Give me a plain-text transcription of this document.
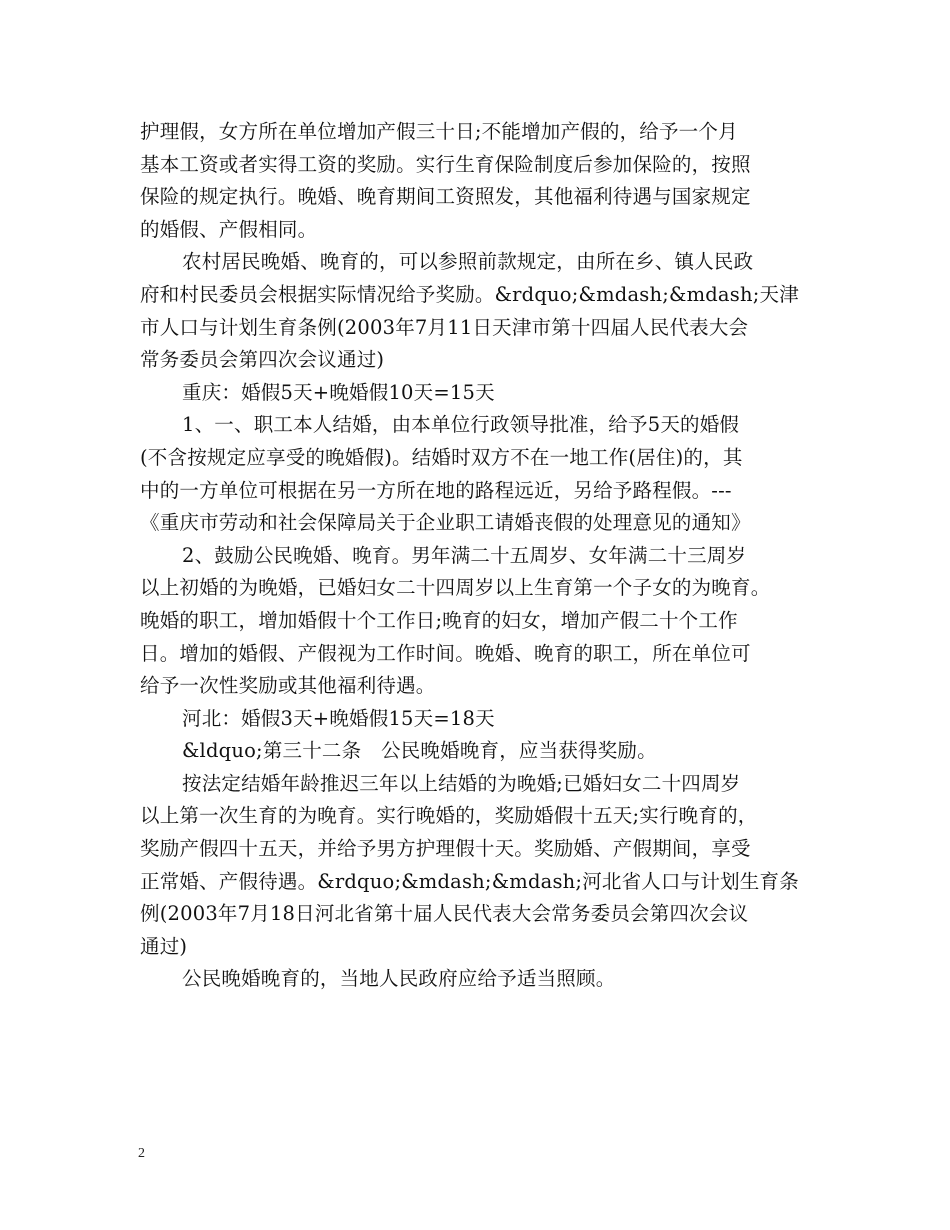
护理假，女方所在单位增加产假三十日;不能增加产假的，给予一个月
基本工资或者实得工资的奖励。实行生育保险制度后参加保险的，按照
保险的规定执行。晚婚、晚育期间工资照发，其他福利待遇与国家规定
的婚假、产假相同。
农村居民晚婚、晚育的，可以参照前款规定，由所在乡、镇人民政
府和村民委员会根据实际情况给予奖励。&rdquo;&mdash;&mdash;天津
市人口与计划生育条例(2003年7月11日天津市第十四届人民代表大会
常务委员会第四次会议通过)
重庆：婚假5天+晚婚假10天=15天
1、一、职工本人结婚，由本单位行政领导批准，给予5天的婚假
(不含按规定应享受的晚婚假)。结婚时双方不在一地工作(居住)的，其
中的一方单位可根据在另一方所在地的路程远近，另给予路程假。---
《重庆市劳动和社会保障局关于企业职工请婚丧假的处理意见的通知》
2、鼓励公民晚婚、晚育。男年满二十五周岁、女年满二十三周岁
以上初婚的为晚婚，已婚妇女二十四周岁以上生育第一个子女的为晚育。
晚婚的职工，增加婚假十个工作日;晚育的妇女，增加产假二十个工作
日。增加的婚假、产假视为工作时间。晚婚、晚育的职工，所在单位可
给予一次性奖励或其他福利待遇。
河北：婚假3天+晚婚假15天=18天
&ldquo;第三十二条　公民晚婚晚育，应当获得奖励。
按法定结婚年龄推迟三年以上结婚的为晚婚;已婚妇女二十四周岁
以上第一次生育的为晚育。实行晚婚的，奖励婚假十五天;实行晚育的，
奖励产假四十五天，并给予男方护理假十天。奖励婚、产假期间，享受
正常婚、产假待遇。&rdquo;&mdash;&mdash;河北省人口与计划生育条
例(2003年7月18日河北省第十届人民代表大会常务委员会第四次会议
通过)
公民晚婚晚育的，当地人民政府应给予适当照顾。
2
